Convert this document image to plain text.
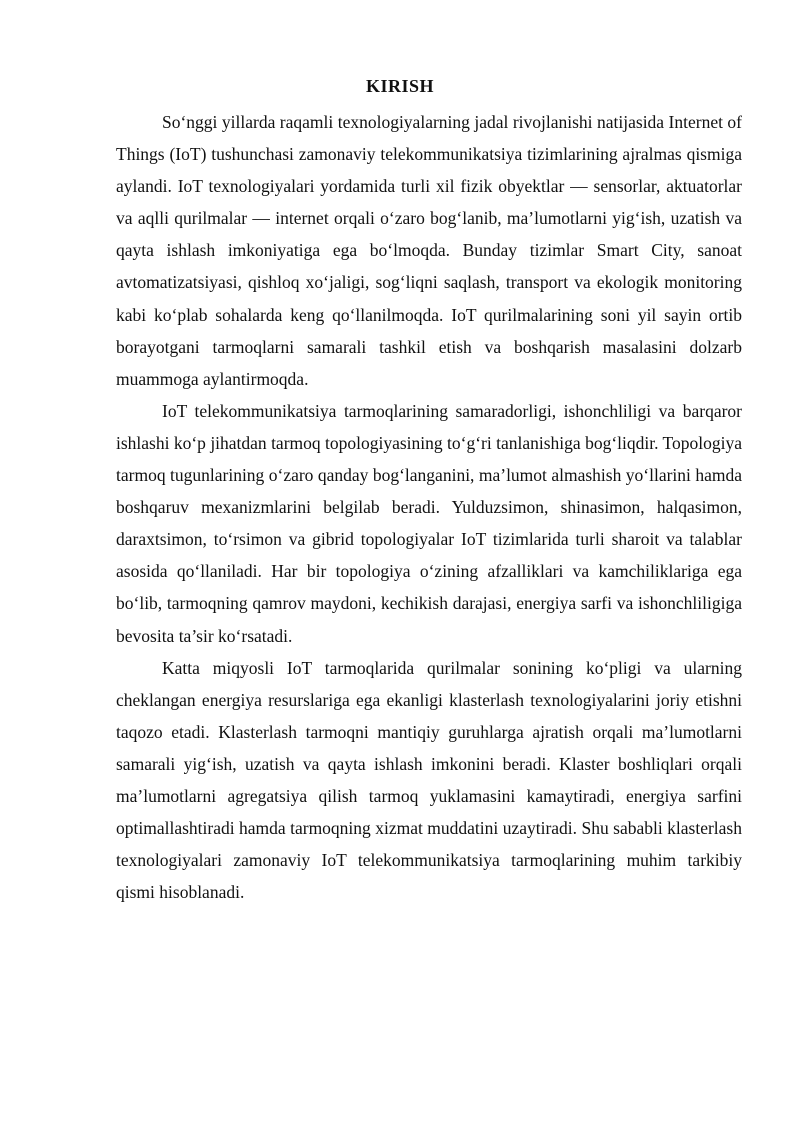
KIRISH

So‘nggi yillarda raqamli texnologiyalarning jadal rivojlanishi natijasida Internet of Things (IoT) tushunchasi zamonaviy telekommunikatsiya tizimlarining ajralmas qismiga aylandi. IoT texnologiyalari yordamida turli xil fizik obyektlar — sensorlar, aktuatorlar va aqlli qurilmalar — internet orqali o‘zaro bog‘lanib, ma’lumotlarni yig‘ish, uzatish va qayta ishlash imkoniyatiga ega bo‘lmoqda. Bunday tizimlar Smart City, sanoat avtomatizatsiyasi, qishloq xo‘jaligi, sog‘liqni saqlash, transport va ekologik monitoring kabi ko‘plab sohalarda keng qo‘llanilmoqda. IoT qurilmalarining soni yil sayin ortib borayotgani tarmoqlarni samarali tashkil etish va boshqarish masalasini dolzarb muammoga aylantirmoqda.

IoT telekommunikatsiya tarmoqlarining samaradorligi, ishonchliligi va barqaror ishlashi ko‘p jihatdan tarmoq topologiyasining to‘g‘ri tanlanishiga bog‘liqdir. Topologiya tarmoq tugunlarining o‘zaro qanday bog‘langanini, ma’lumot almashish yo‘llarini hamda boshqaruv mexanizmlarini belgilab beradi. Yulduzsimon, shinasimon, halqasimon, daraxtsimon, to‘rsimon va gibrid topologiyalar IoT tizimlarida turli sharoit va talablar asosida qo‘llaniladi. Har bir topologiya o‘zining afzalliklari va kamchiliklariga ega bo‘lib, tarmoqning qamrov maydoni, kechikish darajasi, energiya sarfi va ishonchliligiga bevosita ta’sir ko‘rsatadi.

Katta miqyosli IoT tarmoqlarida qurilmalar sonining ko‘pligi va ularning cheklangan energiya resurslariga ega ekanligi klasterlash texnologiyalarini joriy etishni taqozo etadi. Klasterlash tarmoqni mantiqiy guruhlarga ajratish orqali ma’lumotlarni samarali yig‘ish, uzatish va qayta ishlash imkonini beradi. Klaster boshliqlari orqali ma’lumotlarni agregatsiya qilish tarmoq yuklamasini kamaytiradi, energiya sarfini optimallashtiradi hamda tarmoqning xizmat muddatini uzaytiradi. Shu sababli klasterlash texnologiyalari zamonaviy IoT telekommunikatsiya tarmoqlarining muhim tarkibiy qismi hisoblanadi.
